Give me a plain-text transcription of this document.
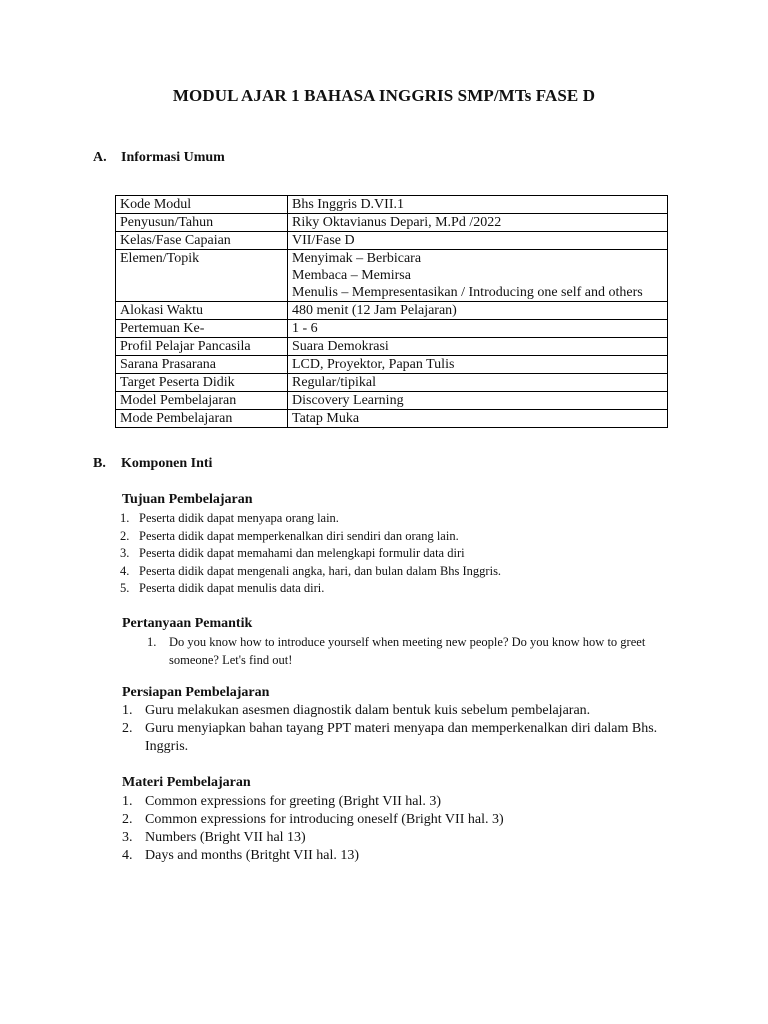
MODUL AJAR 1 BAHASA INGGRIS SMP/MTs FASE D
A. Informasi Umum
Kode Modul	Bhs Inggris D.VII.1
Penyusun/Tahun	Riky Oktavianus Depari, M.Pd /2022
Kelas/Fase Capaian	VII/Fase D
Elemen/Topik	Menyimak – Berbicara
Membaca – Memirsa
Menulis – Mempresentasikan / Introducing one self and others

Alokasi Waktu	480 menit (12 Jam Pelajaran)
Pertemuan Ke-	1 - 6
Profil Pelajar Pancasila	Suara Demokrasi
Sarana Prasarana	LCD, Proyektor, Papan Tulis
Target Peserta Didik	Regular/tipikal
Model Pembelajaran	Discovery Learning
Mode Pembelajaran	Tatap Muka
B. Komponen Inti
Tujuan Pembelajaran
1. Peserta didik dapat menyapa orang lain.
2. Peserta didik dapat memperkenalkan diri sendiri dan orang lain.
3. Peserta didik dapat memahami dan melengkapi formulir data diri
4. Peserta didik dapat mengenali angka, hari, dan bulan dalam Bhs Inggris.
5. Peserta didik dapat menulis data diri.
Pertanyaan Pemantik
1. Do you know how to introduce yourself when meeting new people? Do you know how to greet someone? Let's find out!
Persiapan Pembelajaran
1. Guru melakukan asesmen diagnostik dalam bentuk kuis sebelum pembelajaran.
2. Guru menyiapkan bahan tayang PPT materi menyapa dan memperkenalkan diri dalam Bhs. Inggris.
Materi Pembelajaran
1. Common expressions for greeting (Bright VII hal. 3)
2. Common expressions for introducing oneself (Bright VII hal. 3)
3. Numbers (Bright VII hal 13)
4. Days and months (Britght VII hal. 13)
